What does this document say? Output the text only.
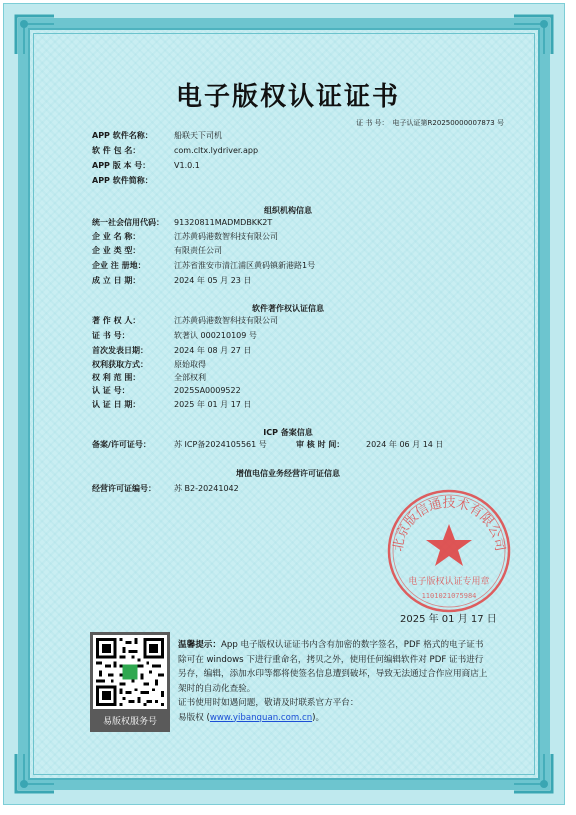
电子版权认证证书
证 书 号： 电子认证第R20250000007873 号
APP 软件名称：	船联天下司机
软 件 包 名：	com.cltx.lydriver.app
APP 版 本 号：	V1.0.1
APP 软件简称：
组织机构信息
统一社会信用代码： 91320811MADMDBKK2T
企 业 名 称：	江苏黄码港数智科技有限公司
企 业 类 型：	有限责任公司
企业 注 册地：	江苏省淮安市清江浦区黄码镇新港路1号
成 立 日 期：	2024 年 05 月 23 日
软件著作权认证信息
著 作 权 人：	江苏黄码港数智科技有限公司
证 书 号：	软著认 000210109 号
首次发表日期：	2024 年 08 月 27 日
权利获取方式：	原始取得
权 利 范 围：	全部权利
认 证 号：	2025SA0009522
认 证 日 期：	2025 年 01 月 17 日
ICP 备案信息
备案/许可证号：	苏 ICP备2024105561 号	审 核 时 间：	2024 年 06 月 14 日
增值电信业务经营许可证信息
经营许可证编号： 苏 B2-20241042
北京版信通技术有限公司
电子版权认证专用章
1101021075984
2025 年 01 月 17 日
易版权服务号
温馨提示：App 电子版权认证证书内含有加密的数字签名，PDF 格式的电子证书除可在 windows 下进行重命名，拷贝之外，使用任何编辑软件对 PDF 证书进行另存，编辑，添加水印等都将使签名信息遭到破坏，导致无法通过合作应用商店上架时的自动化查验。
证书使用时如遇问题，敬请及时联系官方平台：
易版权 (www.yibanquan.com.cn)。
